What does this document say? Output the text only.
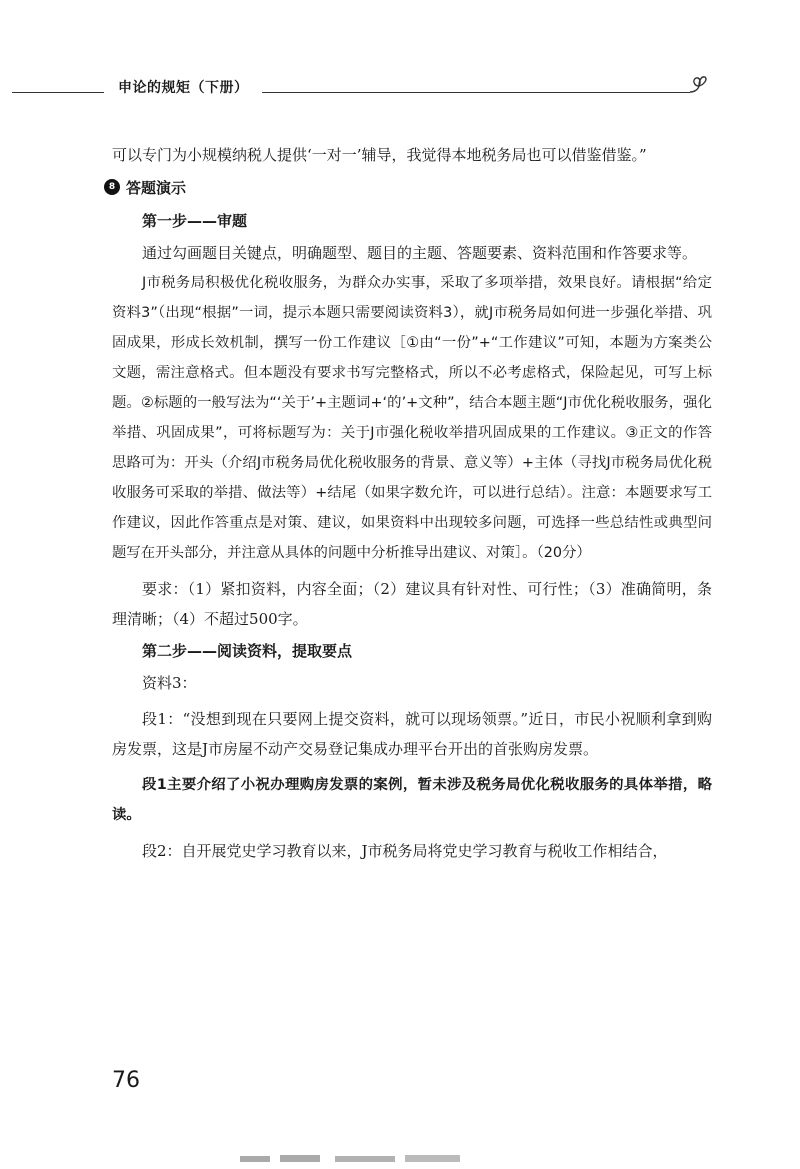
申论的规矩（下册）

可以专门为小规模纳税人提供‘一对一’辅导，我觉得本地税务局也可以借鉴借鉴。”

8 答题演示
第一步——审题

通过勾画题目关键点，明确题型、题目的主题、答题要素、资料范围和作答要求等。

J市税务局积极优化税收服务，为群众办实事，采取了多项举措，效果良好。请根据“给定资料3”（出现“根据”一词，提示本题只需要阅读资料3），就J市税务局如何进一步强化举措、巩固成果，形成长效机制，撰写一份工作建议［①由“一份”+“工作建议”可知，本题为方案类公文题，需注意格式。但本题没有要求书写完整格式，所以不必考虑格式，保险起见，可写上标题。②标题的一般写法为“‘关于’+主题词+‘的’+文种”，结合本题主题“J市优化税收服务，强化举措、巩固成果”，可将标题写为：关于J市强化税收举措巩固成果的工作建议。③正文的作答思路可为：开头（介绍J市税务局优化税收服务的背景、意义等）+主体（寻找J市税务局优化税收服务可采取的举措、做法等）+结尾（如果字数允许，可以进行总结）。注意：本题要求写工作建议，因此作答重点是对策、建议，如果资料中出现较多问题，可选择一些总结性或典型问题写在开头部分，并注意从具体的问题中分析推导出建议、对策］。（20分）

要求：（1）紧扣资料，内容全面；（2）建议具有针对性、可行性；（3）准确简明，条理清晰；（4）不超过500字。

第二步——阅读资料，提取要点

资料3：

段1：“没想到现在只要网上提交资料，就可以现场领票。”近日，市民小祝顺利拿到购房发票，这是J市房屋不动产交易登记集成办理平台开出的首张购房发票。

段1主要介绍了小祝办理购房发票的案例，暂未涉及税务局优化税收服务的具体举措，略读。

段2：自开展党史学习教育以来，J市税务局将党史学习教育与税收工作相结合，

76
